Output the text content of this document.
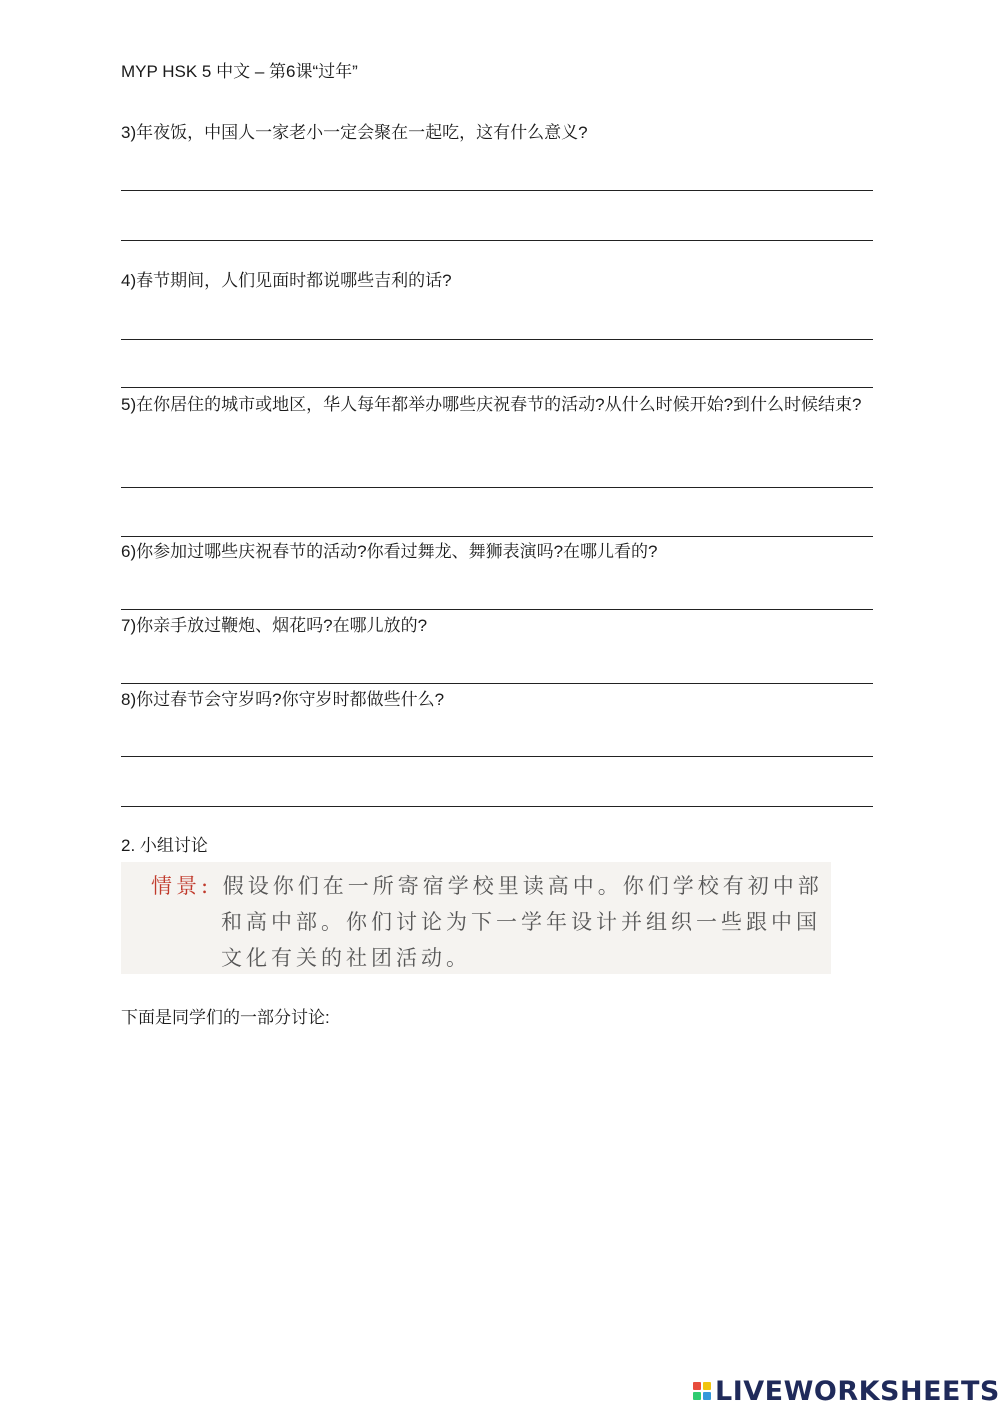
MYP HSK 5 中文 – 第6课“过年”
3)年夜饭，中国人一家老小一定会聚在一起吃，这有什么意义?
4)春节期间，人们见面时都说哪些吉利的话?
5)在你居住的城市或地区，华人每年都举办哪些庆祝春节的活动?从什么时候开始?到什么时候结束?
6)你参加过哪些庆祝春节的活动?你看过舞龙、舞狮表演吗?在哪儿看的?
7)你亲手放过鞭炮、烟花吗?在哪儿放的?
8)你过春节会守岁吗?你守岁时都做些什么?
2. 小组讨论
情景: 假设你们在一所寄宿学校里读高中。你们学校有初中部
和高中部。你们讨论为下一学年设计并组织一些跟中国
文化有关的社团活动。
下面是同学们的一部分讨论:
LIVEWORKSHEETS
